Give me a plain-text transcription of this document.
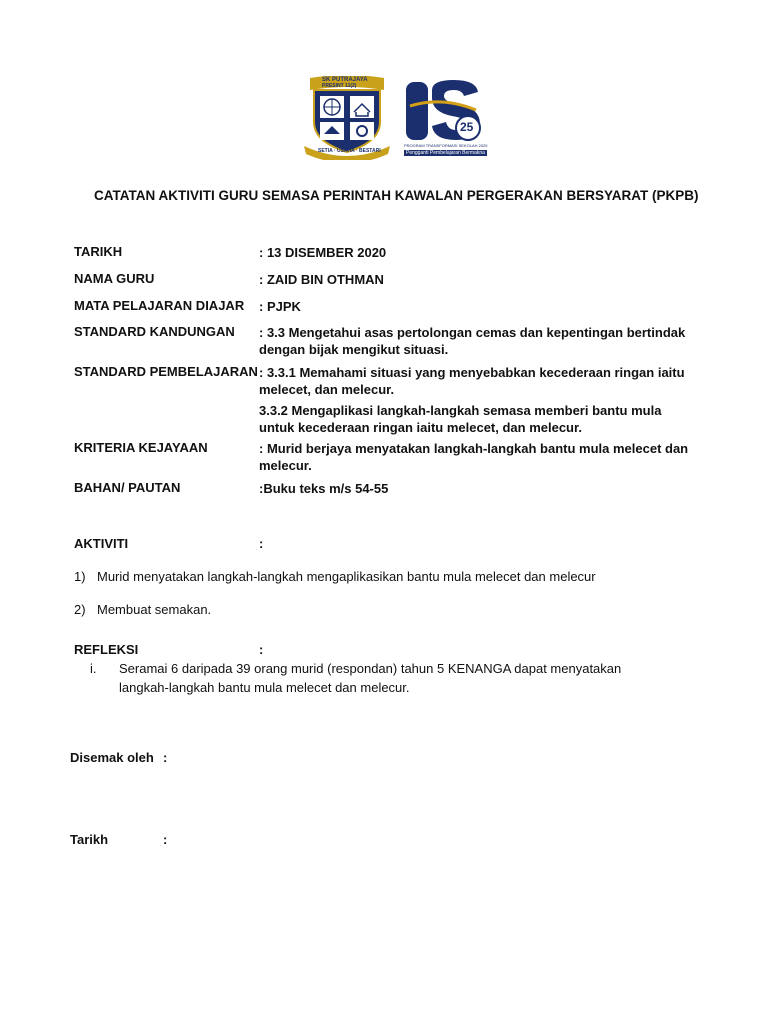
SK PUTRAJAYA
PRESINT 11(2)
SETIA · USAHA · BESTARI
25
PROGRAM TRANSFORMASI SEKOLAH 2025
Pengganti Pembelajaran Bermakna
CATATAN AKTIVITI GURU SEMASA PERINTAH KAWALAN PERGERAKAN BERSYARAT (PKPB)
TARIKH	: 13 DISEMBER 2020
NAMA GURU	: ZAID BIN OTHMAN
MATA PELAJARAN DIAJAR : PJPK
STANDARD KANDUNGAN : 3.3 Mengetahui asas pertolongan cemas dan kepentingan bertindak dengan bijak mengikut situasi.
STANDARD PEMBELAJARAN : 3.3.1 Memahami situasi yang menyebabkan kecederaan ringan iaitu melecet, dan melecur.
3.3.2 Mengaplikasi langkah-langkah semasa memberi bantu mula untuk kecederaan ringan iaitu melecet, dan melecur.
KRITERIA KEJAYAAN	: Murid berjaya menyatakan langkah-langkah bantu mula melecet dan melecur.
BAHAN/ PAUTAN	:Buku teks m/s 54-55
AKTIVITI	:
1) Murid menyatakan langkah-langkah mengaplikasikan bantu mula melecet dan melecur
2) Membuat semakan.
REFLEKSI	:
i. Seramai 6 daripada 39 orang murid (respondan) tahun 5 KENANGA dapat menyatakan
langkah-langkah bantu mula melecet dan melecur.
Disemak oleh :
Tarikh	:
